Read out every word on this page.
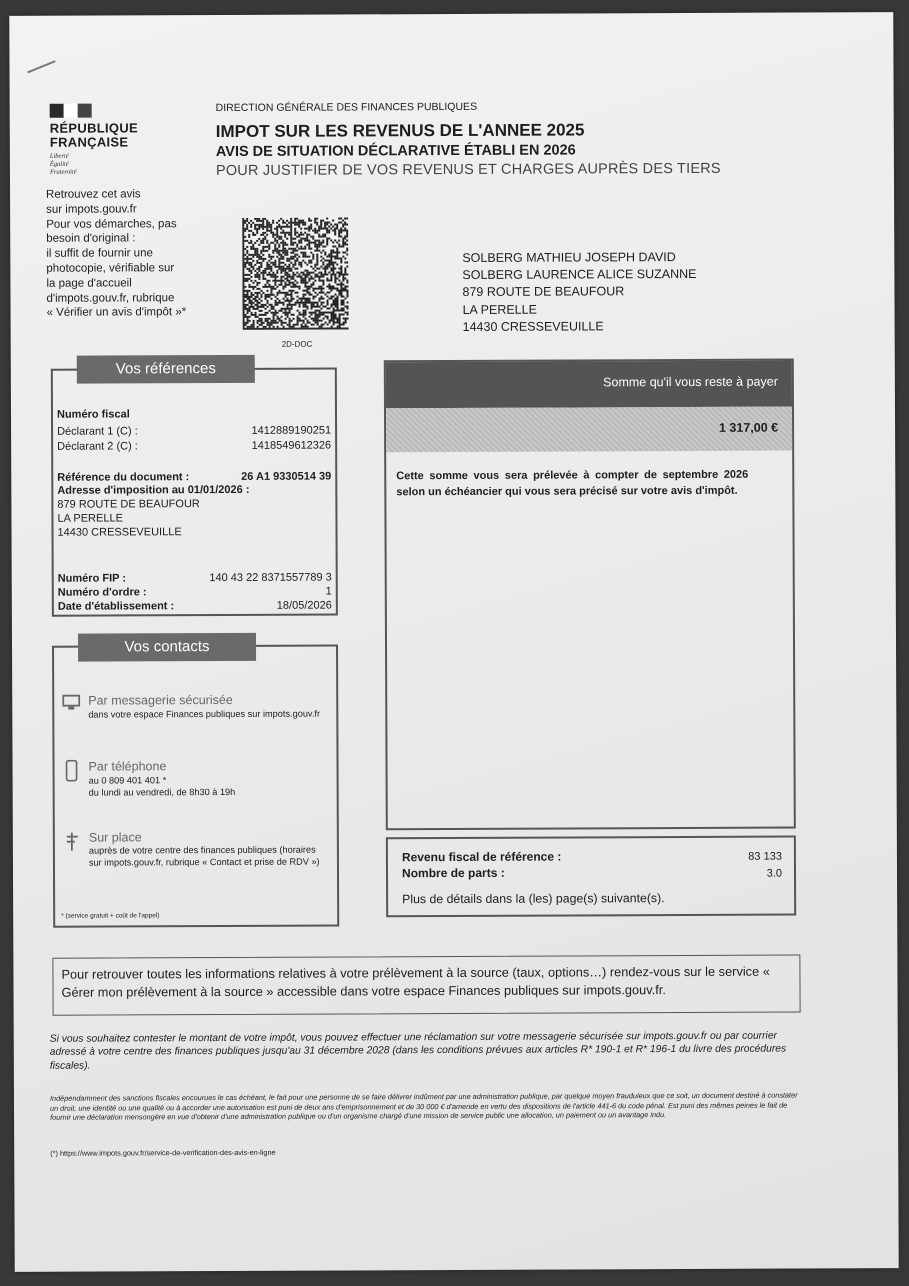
RÉPUBLIQUE
FRANÇAISE
Liberté
Égalité
Fraternité
Retrouvez cet avis
sur impots.gouv.fr
Pour vos démarches, pas
besoin d'original :
il suffit de fournir une
photocopie, vérifiable sur
la page d'accueil
d'impots.gouv.fr, rubrique
« Vérifier un avis d'impôt »*
DIRECTION GÉNÉRALE DES FINANCES PUBLIQUES
IMPOT SUR LES REVENUS DE L'ANNEE 2025
AVIS DE SITUATION DÉCLARATIVE ÉTABLI EN 2026
POUR JUSTIFIER DE VOS REVENUS ET CHARGES AUPRÈS DES TIERS
2D-DOC
SOLBERG MATHIEU JOSEPH DAVID
SOLBERG LAURENCE ALICE SUZANNE
879 ROUTE DE BEAUFOUR
LA PERELLE
14430 CRESSEVEUILLE
Numéro fiscal
Déclarant 1 (C) :	1412889190251
Déclarant 2 (C) :	1418549612326
Référence du document :	26 A1 9330514 39
Adresse d'imposition au 01/01/2026 :
879 ROUTE DE BEAUFOUR
LA PERELLE
14430 CRESSEVEUILLE
Numéro FIP :	140 43 22 8371557789 3
Numéro d'ordre :	1
Date d'établissement :	18/05/2026
Vos références
Par messagerie sécurisée
dans votre espace Finances publiques sur impots.gouv.fr
Par téléphone
au 0 809 401 401 *
du lundi au vendredi, de 8h30 à 19h
Sur place
auprès de votre centre des finances publiques (horaires sur impots.gouv.fr, rubrique « Contact et prise de RDV »)
* (service gratuit + coût de l'appel)
Vos contacts
Somme qu'il vous reste à payer
1 317,00 €
Cette somme vous sera prélevée à compter de septembre 2026 selon un échéancier qui vous sera précisé sur votre avis d'impôt.
Revenu fiscal de référence :	83 133
Nombre de parts :	3.0
Plus de détails dans la (les) page(s) suivante(s).
Pour retrouver toutes les informations relatives à votre prélèvement à la source (taux, options…) rendez-vous sur le service « Gérer mon prélèvement à la source » accessible dans votre espace Finances publiques sur impots.gouv.fr.
Si vous souhaitez contester le montant de votre impôt, vous pouvez effectuer une réclamation sur votre messagerie sécurisée sur impots.gouv.fr ou par courrier adressé à votre centre des finances publiques jusqu'au 31 décembre 2028 (dans les conditions prévues aux articles R* 190-1 et R* 196-1 du livre des procédures fiscales).
Indépendamment des sanctions fiscales encourues le cas échéant, le fait pour une personne de se faire délivrer indûment par une administration publique, par quelque moyen frauduleux que ce soit, un document destiné à constater un droit, une identité ou une qualité ou à accorder une autorisation est puni de deux ans d'emprisonnement et de 30 000 € d'amende en vertu des dispositions de l'article 441-6 du code pénal. Est puni des mêmes peines le fait de fournir une déclaration mensongère en vue d'obtenir d'une administration publique ou d'un organisme chargé d'une mission de service public une allocation, un paiement ou un avantage indu.
(*) https://www.impots.gouv.fr/service-de-verification-des-avis-en-ligne
